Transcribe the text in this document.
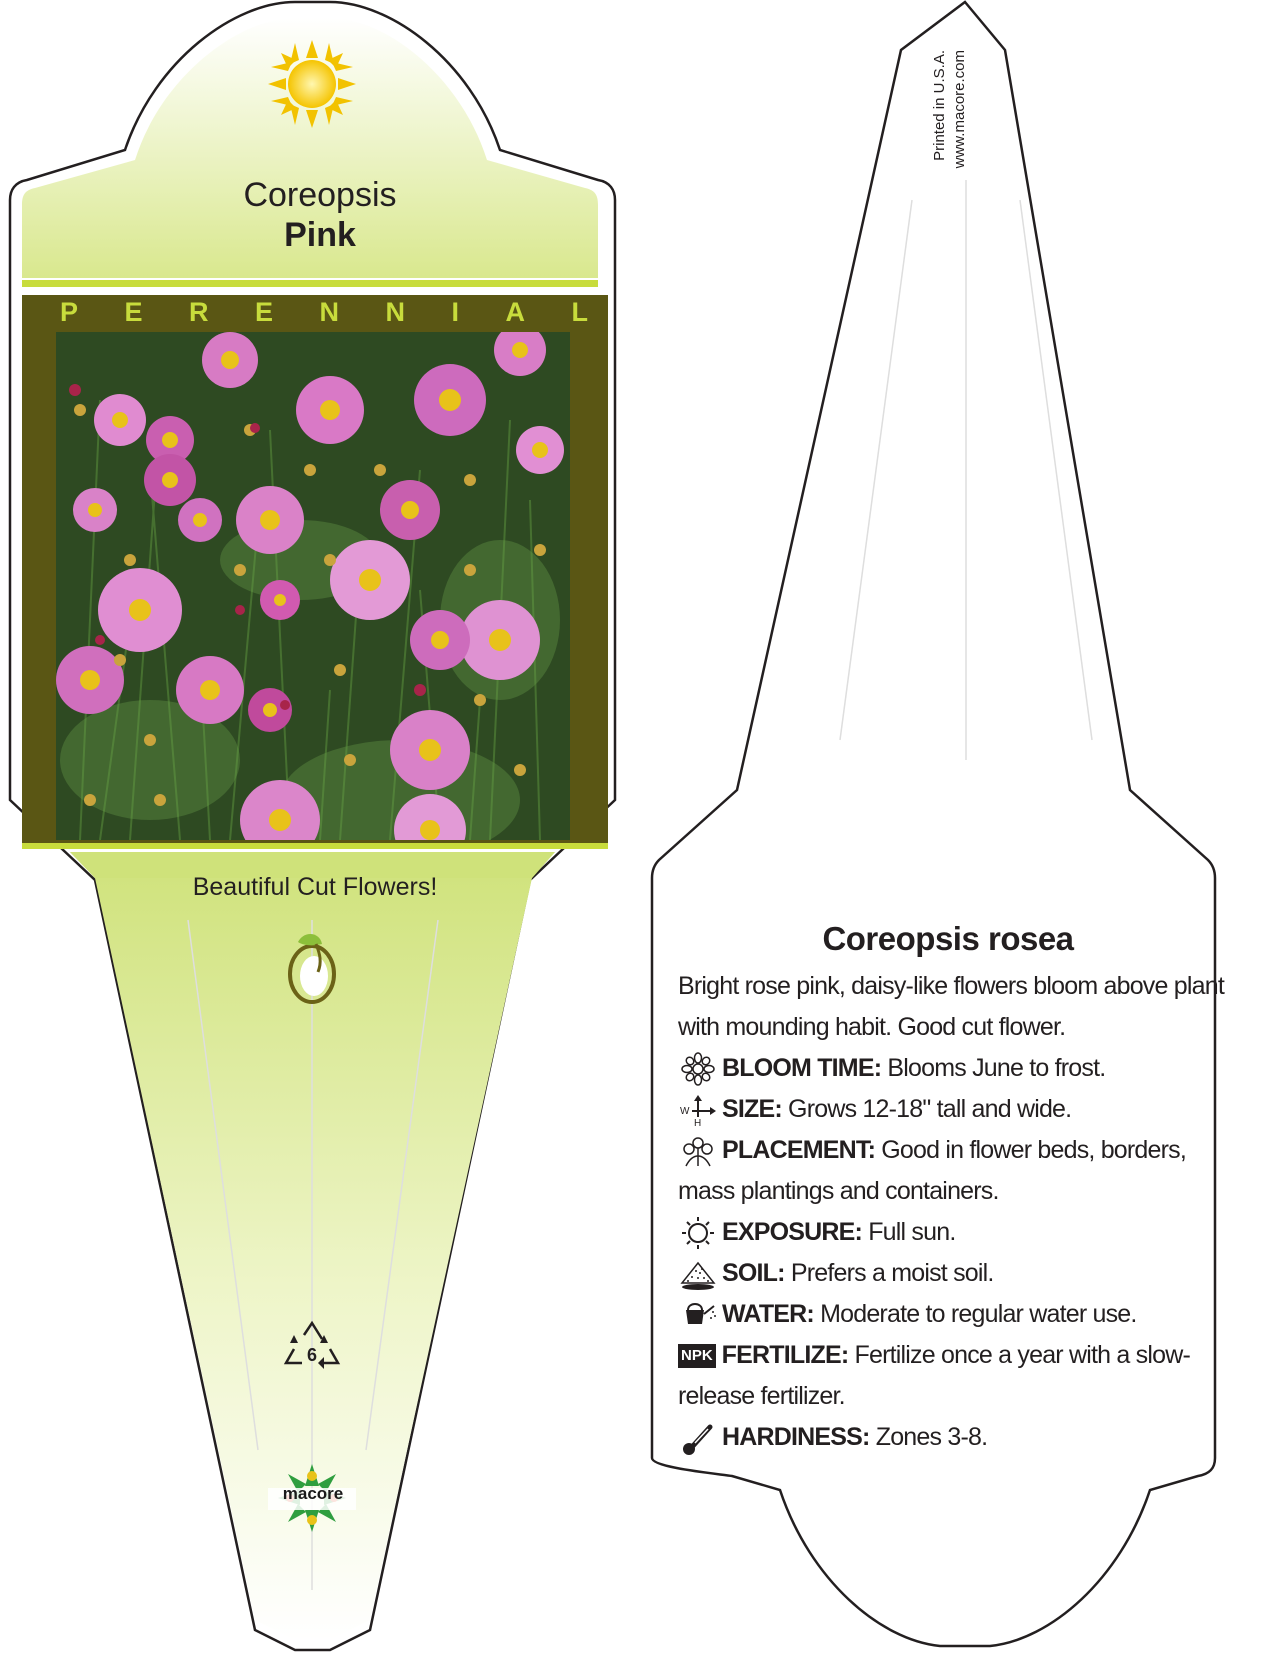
Coreopsis
Pink
P E R E N N I A L
Beautiful Cut Flowers!
6
macore
Printed in U.S.A. www.macore.com
Coreopsis rosea

Bright rose pink, daisy-like flowers bloom above plant with mounding habit. Good cut flower.

BLOOM TIME: Blooms June to frost.
W
H
SIZE: Grows 12-18" tall and wide.
PLACEMENT: Good in flower beds, borders, mass plantings and containers.
EXPOSURE: Full sun.
SOIL: Prefers a moist soil.
WATER: Moderate to regular water use.
NPK FERTILIZE: Fertilize once a year with a slow-release fertilizer.
HARDINESS: Zones 3-8.
